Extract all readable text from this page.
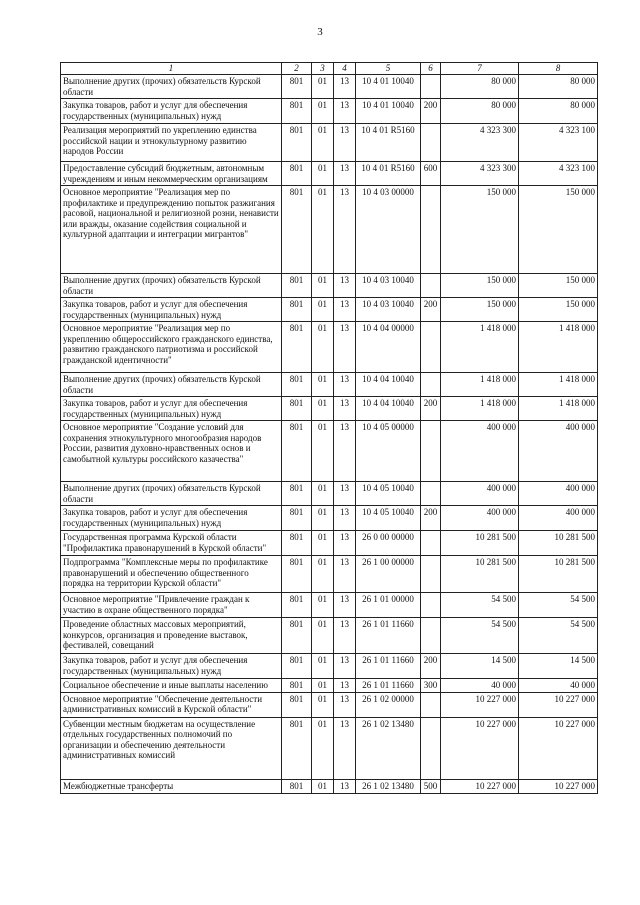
3
1	2	3	4	5	6	7	8
Выполнение других (прочих) обязательств Курской области	801	01	13	10 4 01 10040		80 000	80 000
Закупка товаров, работ и услуг для обеспечения государственных (муниципальных) нужд	801	01	13	10 4 01 10040	200	80 000	80 000
Реализация мероприятий по укреплению единства российской нации и этнокультурному развитию народов России	801	01	13	10 4 01 R5160		4 323 300	4 323 100
Предоставление субсидий бюджетным, автономным учреждениям и иным некоммерческим организациям	801	01	13	10 4 01 R5160	600	4 323 300	4 323 100
Основное мероприятие "Реализация мер по профилактике и предупреждению попыток разжигания расовой, национальной и религиозной розни, ненависти или вражды, оказание содействия социальной и культурной адаптации и интеграции мигрантов"	801	01	13	10 4 03 00000		150 000	150 000
Выполнение других (прочих) обязательств Курской области	801	01	13	10 4 03 10040		150 000	150 000
Закупка товаров, работ и услуг для обеспечения государственных (муниципальных) нужд	801	01	13	10 4 03 10040	200	150 000	150 000
Основное мероприятие "Реализация мер по укреплению общероссийского гражданского единства, развитию гражданского патриотизма и российской гражданской идентичности"	801	01	13	10 4 04 00000		1 418 000	1 418 000
Выполнение других (прочих) обязательств Курской области	801	01	13	10 4 04 10040		1 418 000	1 418 000
Закупка товаров, работ и услуг для обеспечения государственных (муниципальных) нужд	801	01	13	10 4 04 10040	200	1 418 000	1 418 000
Основное мероприятие "Создание условий для сохранения этнокультурного многообразия народов России, развития духовно-нравственных основ и самобытной культуры российского казачества"	801	01	13	10 4 05 00000		400 000	400 000
Выполнение других (прочих) обязательств Курской области	801	01	13	10 4 05 10040		400 000	400 000
Закупка товаров, работ и услуг для обеспечения государственных (муниципальных) нужд	801	01	13	10 4 05 10040	200	400 000	400 000
Государственная программа Курской области "Профилактика правонарушений в Курской области"	801	01	13	26 0 00 00000		10 281 500	10 281 500
Подпрограмма "Комплексные меры по профилактике правонарушений и обеспечению общественного порядка на территории Курской области"	801	01	13	26 1 00 00000		10 281 500	10 281 500
Основное мероприятие "Привлечение граждан к участию в охране общественного порядка"	801	01	13	26 1 01 00000		54 500	54 500
Проведение областных массовых мероприятий, конкурсов, организация и проведение выставок, фестивалей, совещаний	801	01	13	26 1 01 11660		54 500	54 500
Закупка товаров, работ и услуг для обеспечения государственных (муниципальных) нужд	801	01	13	26 1 01 11660	200	14 500	14 500
Социальное обеспечение и иные выплаты населению	801	01	13	26 1 01 11660	300	40 000	40 000
Основное мероприятие "Обеспечение деятельности административных комиссий в Курской области"	801	01	13	26 1 02 00000		10 227 000	10 227 000
Субвенции местным бюджетам на осуществление отдельных государственных полномочий по организации и обеспечению деятельности административных комиссий	801	01	13	26 1 02 13480		10 227 000	10 227 000
Межбюджетные трансферты	801	01	13	26 1 02 13480	500	10 227 000	10 227 000
